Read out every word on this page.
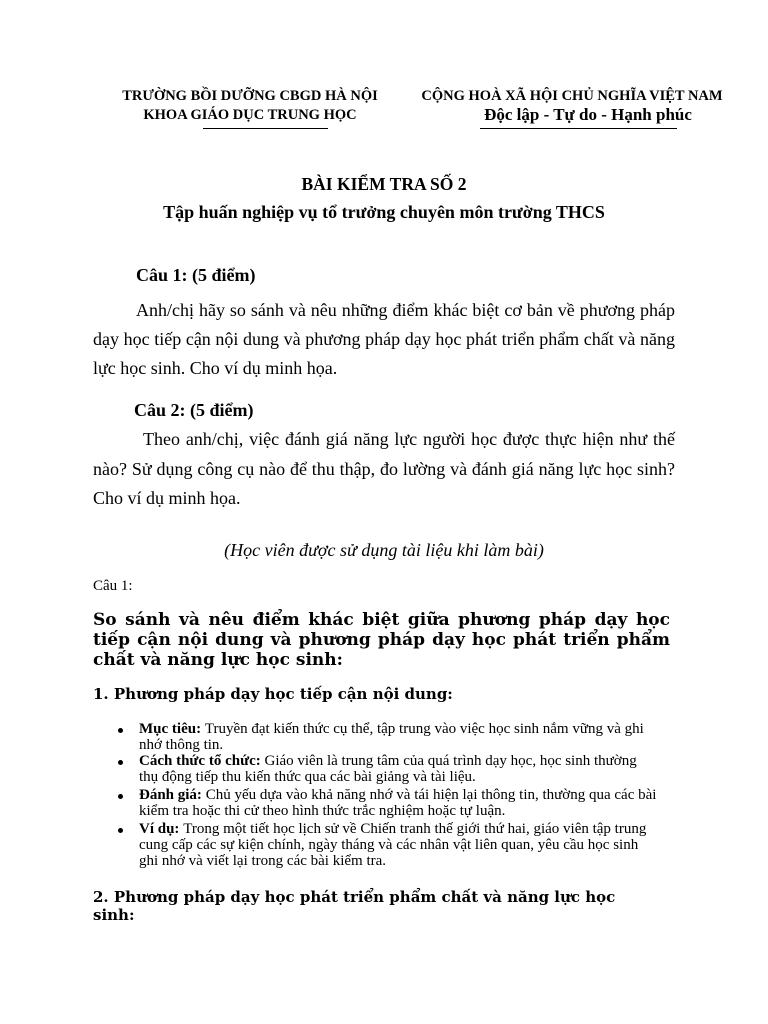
TRƯỜNG BỒI DƯỠNG CBGD HÀ NỘI
KHOA GIÁO DỤC TRUNG HỌC
CỘNG HOÀ XÃ HỘI CHỦ NGHĨA VIỆT NAM
Độc lập - Tự do - Hạnh phúc
BÀI KIỂM TRA SỐ 2
Tập huấn nghiệp vụ tổ trưởng chuyên môn trường THCS
Câu 1: (5 điểm)
Anh/chị hãy so sánh và nêu những điểm khác biệt cơ bản về phương pháp
dạy học tiếp cận nội dung và phương pháp dạy học phát triển phẩm chất và năng
lực học sinh. Cho ví dụ minh họa.
Câu 2: (5 điểm)
Theo anh/chị, việc đánh giá năng lực người học được thực hiện như thế
nào? Sử dụng công cụ nào để thu thập, đo lường và đánh giá năng lực học sinh?
Cho ví dụ minh họa.
(Học viên được sử dụng tài liệu khi làm bài)
Câu 1:
So sánh và nêu điểm khác biệt giữa phương pháp dạy học
tiếp cận nội dung và phương pháp dạy học phát triển phẩm
chất và năng lực học sinh:
1. Phương pháp dạy học tiếp cận nội dung:
Mục tiêu: Truyền đạt kiến thức cụ thể, tập trung vào việc học sinh nắm vững và ghi
nhớ thông tin.
Cách thức tổ chức: Giáo viên là trung tâm của quá trình dạy học, học sinh thường
thụ động tiếp thu kiến thức qua các bài giảng và tài liệu.
Đánh giá: Chủ yếu dựa vào khả năng nhớ và tái hiện lại thông tin, thường qua các bài
kiểm tra hoặc thi cử theo hình thức trắc nghiệm hoặc tự luận.
Ví dụ: Trong một tiết học lịch sử về Chiến tranh thế giới thứ hai, giáo viên tập trung
cung cấp các sự kiện chính, ngày tháng và các nhân vật liên quan, yêu cầu học sinh
ghi nhớ và viết lại trong các bài kiểm tra.
2. Phương pháp dạy học phát triển phẩm chất và năng lực học
sinh:
